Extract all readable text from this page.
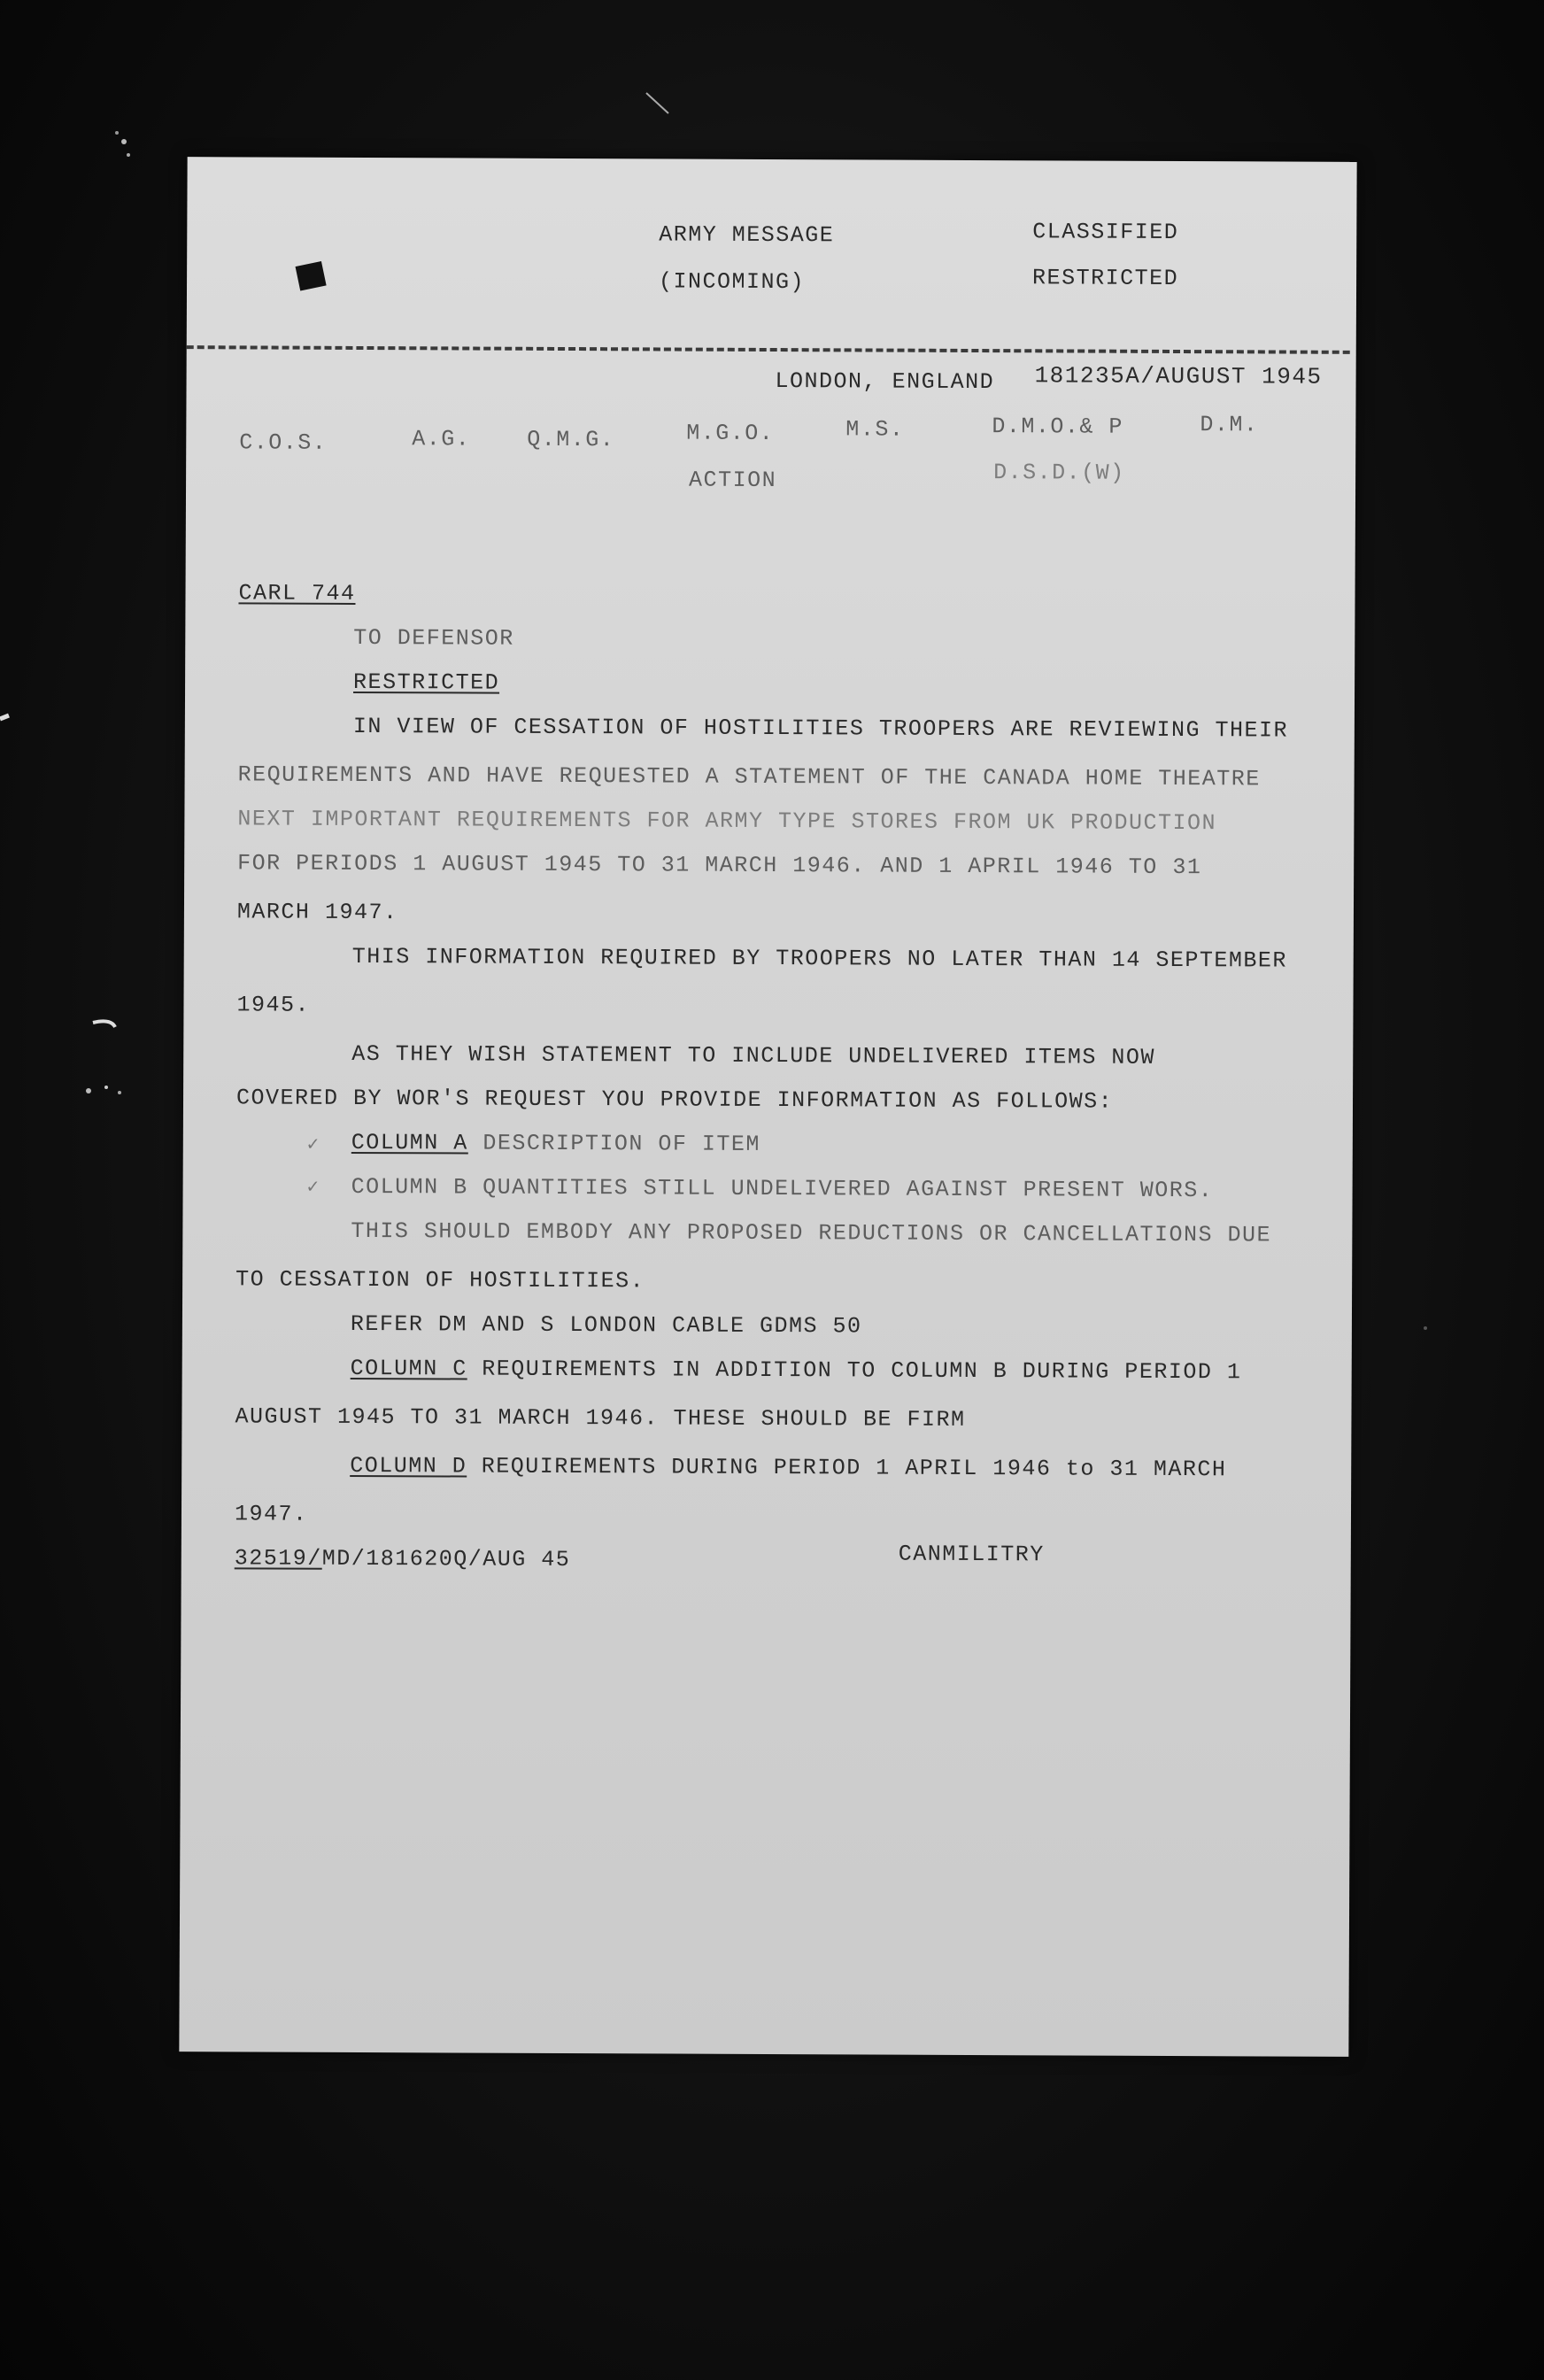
ARMY MESSAGE
(INCOMING)
CLASSIFIED
RESTRICTED
LONDON, ENGLAND 181235A/AUGUST 1945
C.O.S.	A.G.	Q.M.G.	M.G.O.	M.S.	D.M.O.& P	D.M.
ACTION	D.S.D.(W)
CARL 744
TO DEFENSOR
RESTRICTED
IN VIEW OF CESSATION OF HOSTILITIES TROOPERS ARE REVIEWING THEIR
REQUIREMENTS AND HAVE REQUESTED A STATEMENT OF THE CANADA HOME THEATRE
NEXT IMPORTANT REQUIREMENTS FOR ARMY TYPE STORES FROM UK PRODUCTION
FOR PERIODS 1 AUGUST 1945 TO 31 MARCH 1946. AND 1 APRIL 1946 TO 31
MARCH 1947.
THIS INFORMATION REQUIRED BY TROOPERS NO LATER THAN 14 SEPTEMBER
1945.
AS THEY WISH STATEMENT TO INCLUDE UNDELIVERED ITEMS NOW
COVERED BY WOR'S REQUEST YOU PROVIDE INFORMATION AS FOLLOWS:
✓ COLUMN A DESCRIPTION OF ITEM
✓ COLUMN B QUANTITIES STILL UNDELIVERED AGAINST PRESENT WORS.
THIS SHOULD EMBODY ANY PROPOSED REDUCTIONS OR CANCELLATIONS DUE
TO CESSATION OF HOSTILITIES.
REFER DM AND S LONDON CABLE GDMS 50
COLUMN C REQUIREMENTS IN ADDITION TO COLUMN B DURING PERIOD 1
AUGUST 1945 TO 31 MARCH 1946. THESE SHOULD BE FIRM
COLUMN D REQUIREMENTS DURING PERIOD 1 APRIL 1946 to 31 MARCH
1947.
32519/MD/181620Q/AUG 45	CANMILITRY
